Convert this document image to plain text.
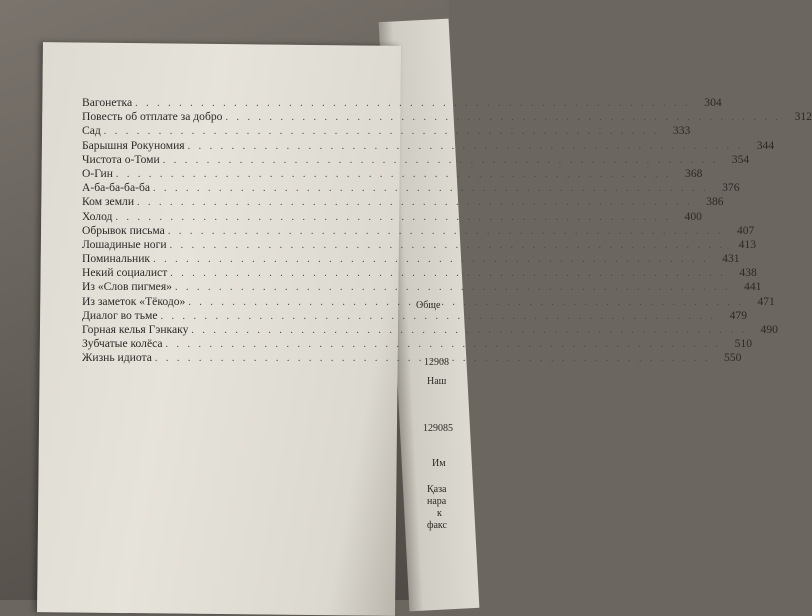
Обще
12908
Наш
129085
Им
Қаза
нара
к
факс
Вагонетка . . .	304
Повесть об отплате за добро . . .	312
Сад . . .	333
Барышня Рокуномия . . .	344
Чистота о-Томи . . .	354
О-Гин . . .	368
А-ба-ба-ба-ба . . .	376
Ком земли . . .	386
Холод . . .	400
Обрывок письма . . .	407
Лошадиные ноги . . .	413
Поминальник . . .	431
Некий социалист . . .	438
Из «Слов пигмея» . . .	441
Из заметок «Тёкодо» . . .	471
Диалог во тьме . . .	479
Горная келья Гэнкаку . . .	490
Зубчатые колёса . . .	510
Жизнь идиота . . .	550
